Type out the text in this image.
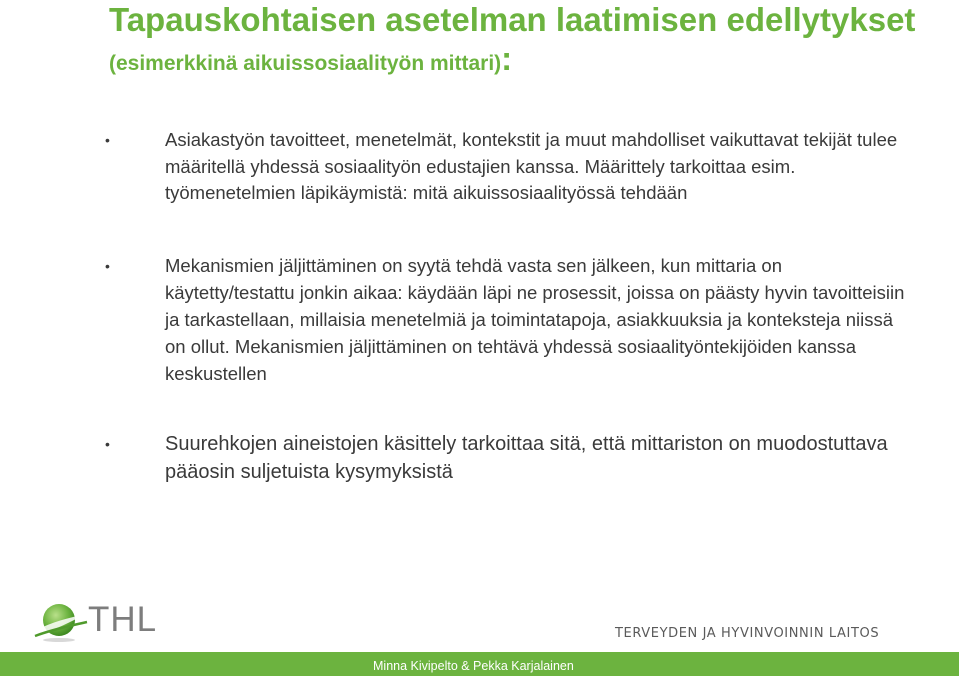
Tapauskohtaisen asetelman laatimisen edellytykset (esimerkkinä aikuissosiaalityön mittari):
•	Asiakastyön tavoitteet, menetelmät, kontekstit ja muut mahdolliset vaikuttavat tekijät tulee määritellä yhdessä sosiaalityön edustajien kanssa. Määrittely tarkoittaa esim. työmenetelmien läpikäymistä: mitä aikuissosiaalityössä tehdään
•	Mekanismien jäljittäminen on syytä tehdä vasta sen jälkeen, kun mittaria on käytetty/testattu jonkin aikaa: käydään läpi ne prosessit, joissa on päästy hyvin tavoitteisiin ja tarkastellaan, millaisia menetelmiä ja toimintatapoja, asiakkuuksia ja konteksteja niissä on ollut. Mekanismien jäljittäminen on tehtävä yhdessä sosiaalityöntekijöiden kanssa keskustellen
•	Suurehkojen aineistojen käsittely tarkoittaa sitä, että mittariston on muodostuttava pääosin suljetuista kysymyksistä
THL	TERVEYDEN JA HYVINVOINNIN LAITOS
Minna Kivipelto & Pekka Karjalainen
